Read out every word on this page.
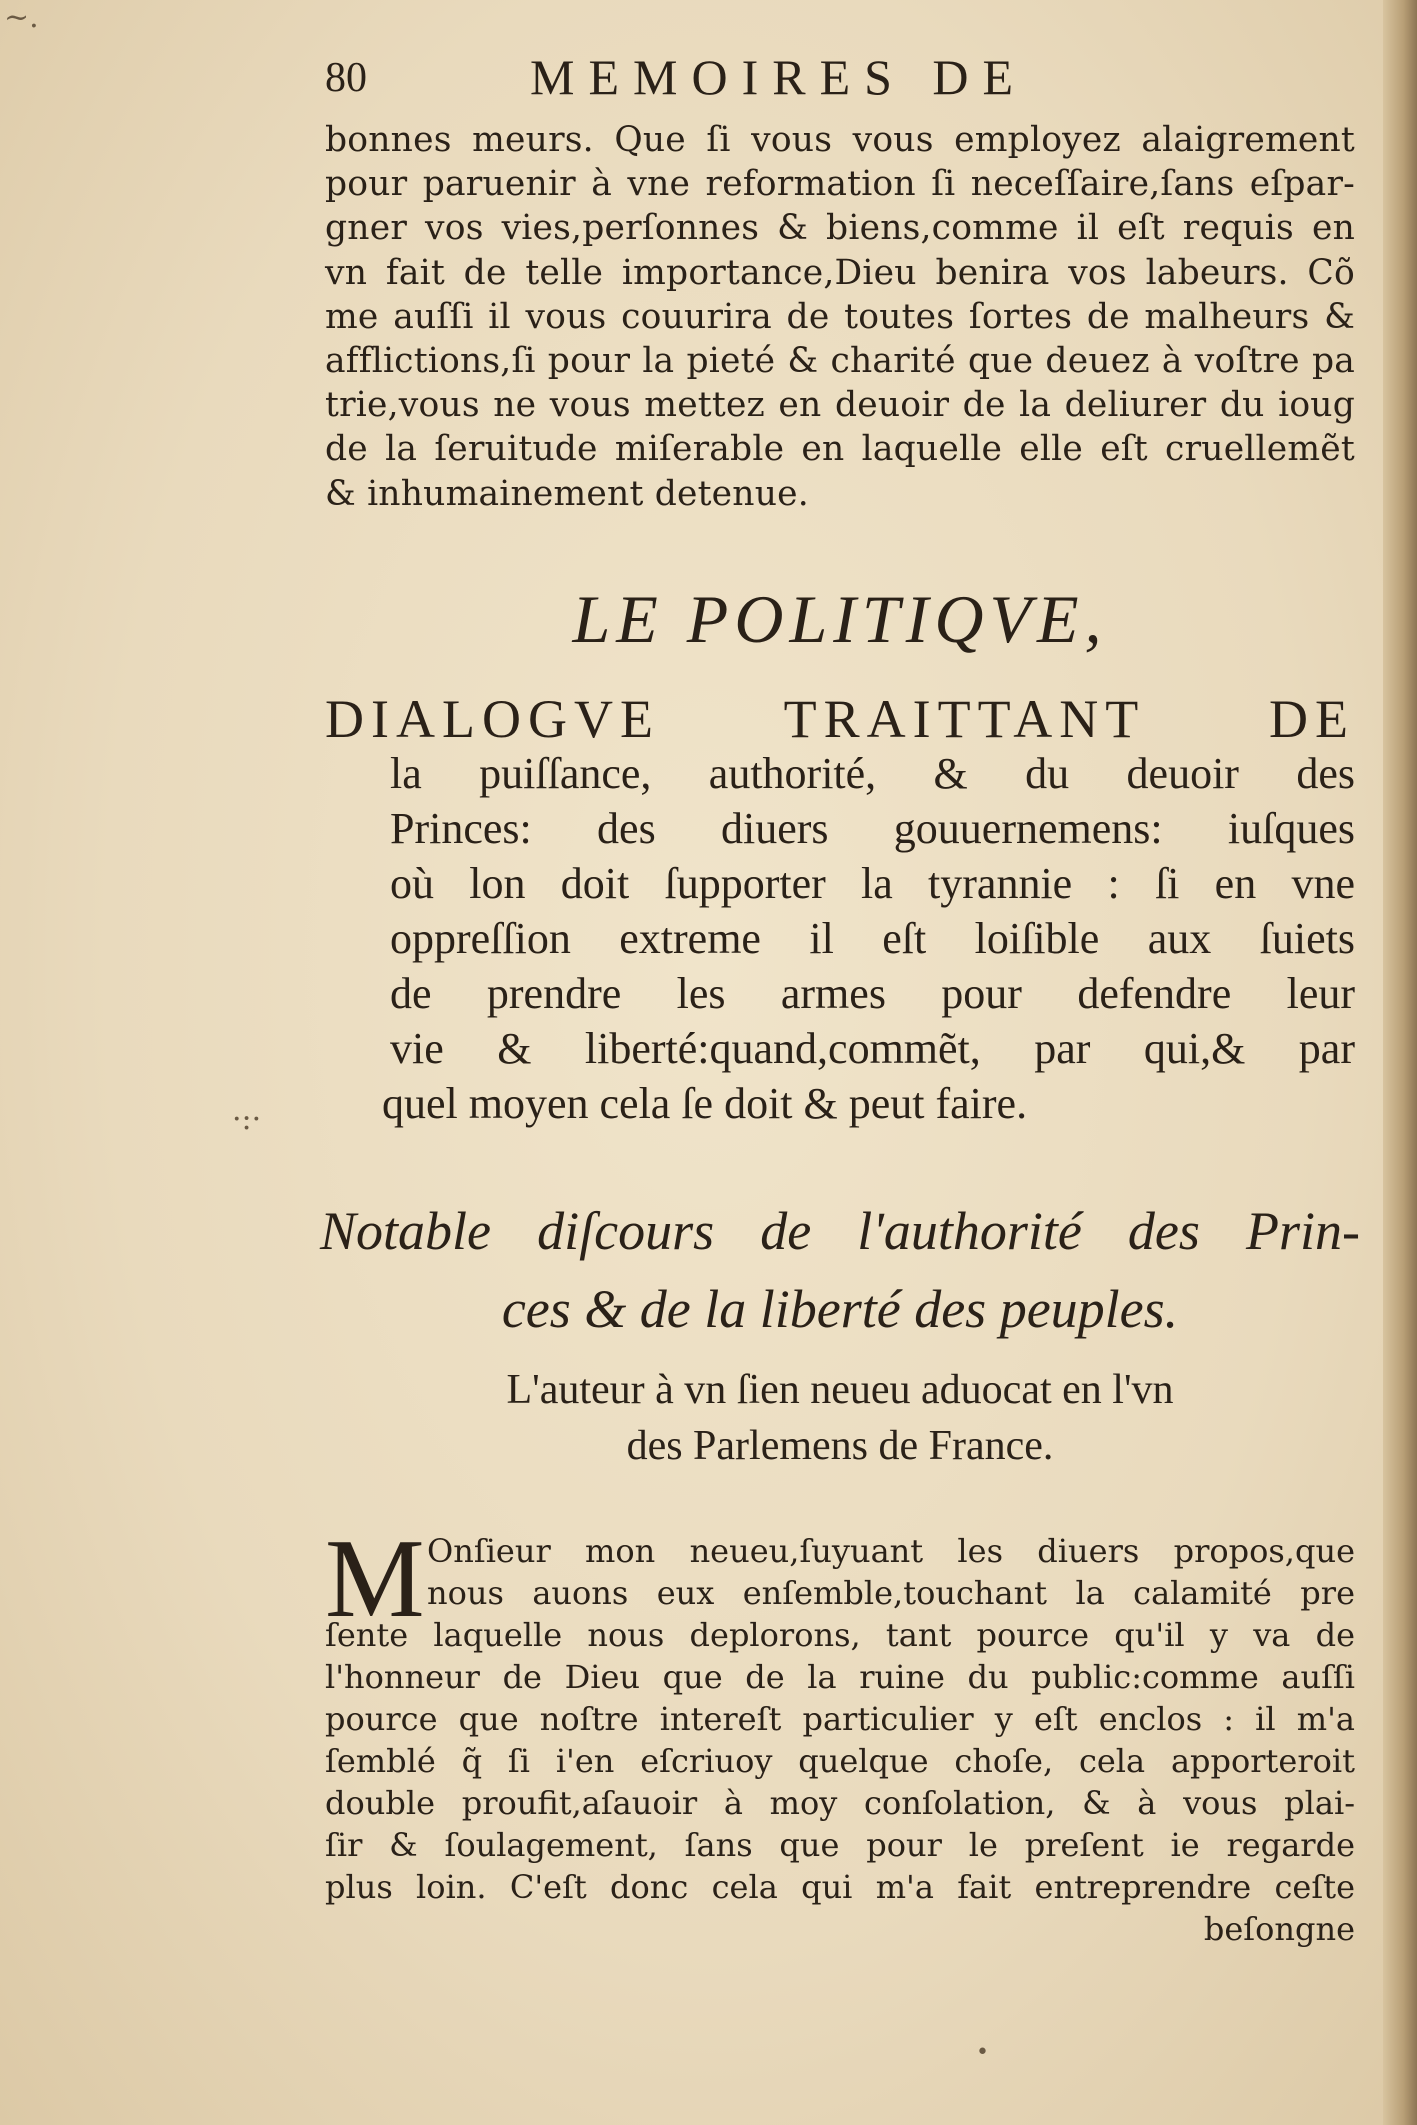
~.
·:·
80	MEMOIRES DE
bonnes meurs. Que ſi vous vous employez alaigrement
pour paruenir à vne reformation ſi neceſſaire,ſans eſpar-
gner vos vies,perſonnes & biens,comme il eſt requis en
vn fait de telle importance,Dieu benira vos labeurs. Cõ
me auſſi il vous couurira de toutes ſortes de malheurs &
afflictions,ſi pour la pieté & charité que deuez à voſtre pa
trie,vous ne vous mettez en deuoir de la deliurer du ioug
de la ſeruitude miſerable en laquelle elle eſt cruellemẽt
& inhumainement detenue.
LE POLITIQVE,
DIALOGVE TRAITTANT DE
la puiſſance, authorité, & du deuoir des
Princes: des diuers gouuernemens: iuſques
où lon doit ſupporter la tyrannie : ſi en vne
oppreſſion extreme il eſt loiſible aux ſuiets
de prendre les armes pour defendre leur
vie & liberté:quand,commẽt, par qui,& par
quel moyen cela ſe doit & peut faire.
Notable diſcours de l'authorité des Prin-
ces & de la liberté des peuples.
L'auteur à vn ſien neueu aduocat en l'vn
des Parlemens de France.
M Onſieur mon neueu,ſuyuant les diuers propos,que
nous auons eux enſemble,touchant la calamité pre
ſente laquelle nous deplorons, tant pource qu'il y va de
l'honneur de Dieu que de la ruine du public:comme auſſi
pource que noſtre intereſt particulier y eſt enclos : il m'a
ſemblé q̃ ſi i'en eſcriuoy quelque choſe, cela apporteroit
double proufit,aſauoir à moy conſolation, & à vous plai-
ſir & ſoulagement, ſans que pour le preſent ie regarde
plus loin. C'eſt donc cela qui m'a fait entreprendre ceſte
beſongne
•
